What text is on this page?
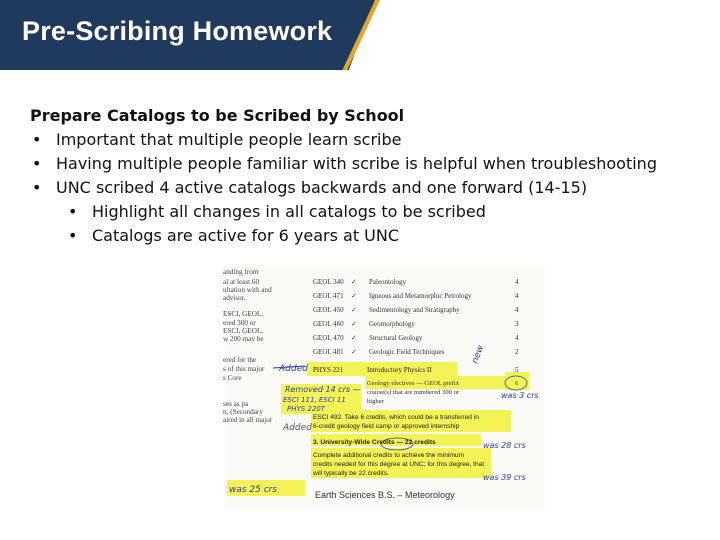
Pre-Scribing Homework
Prepare Catalogs to be Scribed by School
• Important that multiple people learn scribe
• Having multiple people familiar with scribe is helpful when troubleshooting
• UNC scribed 4 active catalogs backwards and one forward (14-15)
• Highlight all changes in all catalogs to be scribed
• Catalogs are active for 6 years at UNC
anding from
al at least 60
ultation with and
advisor.
ESCI, GEOL,
ered 300 or
ESCI, GEOL,
w 200 may be
ered for the
s of this major
s Core
ses as pa
n, (Secondary
aired in all major
GEOL 340 ✓ Paleontology	4
GEOL 471 ✓ Igneous and Metamorphic Petrology	4
GEOL 450 ✓ Sedimentology and Stratigraphy	4
GEOL 460 ✓ Geomorphology	3
GEOL 470 ✓ Structural Geology	4
GEOL 481 ✓ Geologic Field Techniques	2
PHYS 221	Introductory Physics II	5
Geology electives — GEOL prefix
course(s) that are numbered 300 or
higher
6
ESCI 492. Take 6 credits, which could be a transferred in
6-credit geology field camp or approved internship
3. University-Wide Credits — 22 credits
Complete additional credits to achieve the minimum
credits needed for this degree at UNC; for this degree, that
will typically be 22 credits.
Earth Sciences B.S. – Meteorology
new
Added
Removed 14 crs —
ESCI 111, ESCI 11
PHYS 220T
was 3 crs
Added
was 28 crs
was 39 crs
was 25 crs
